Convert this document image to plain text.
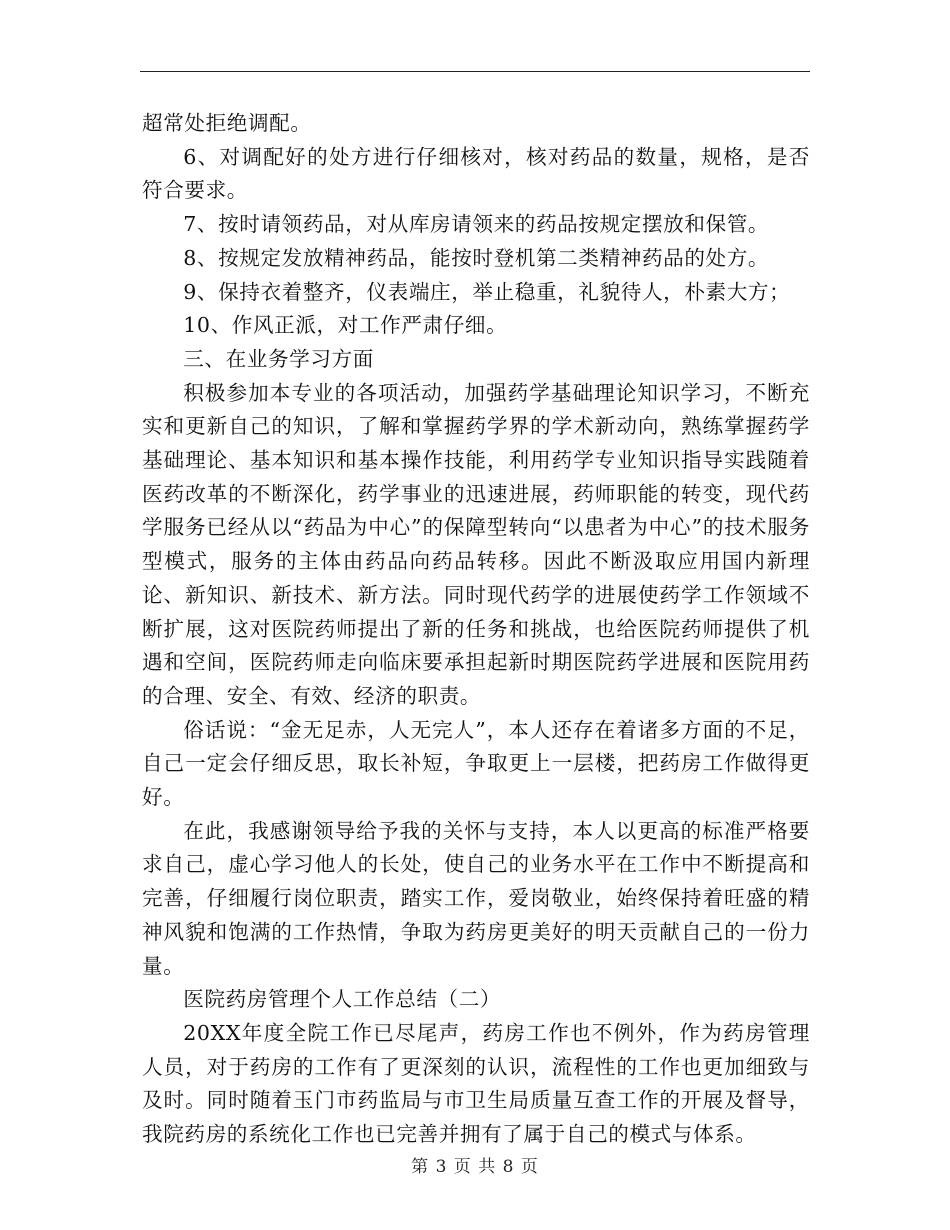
超常处拒绝调配。

6、对调配好的处方进行仔细核对，核对药品的数量，规格，是否符合要求。

7、按时请领药品，对从库房请领来的药品按规定摆放和保管。

8、按规定发放精神药品，能按时登机第二类精神药品的处方。

9、保持衣着整齐，仪表端庄，举止稳重，礼貌待人，朴素大方；

10、作风正派，对工作严肃仔细。

三、在业务学习方面

积极参加本专业的各项活动，加强药学基础理论知识学习，不断充实和更新自己的知识，了解和掌握药学界的学术新动向，熟练掌握药学基础理论、基本知识和基本操作技能，利用药学专业知识指导实践随着医药改革的不断深化，药学事业的迅速进展，药师职能的转变，现代药学服务已经从以“药品为中心”的保障型转向“以患者为中心”的技术服务型模式，服务的主体由药品向药品转移。因此不断汲取应用国内新理论、新知识、新技术、新方法。同时现代药学的进展使药学工作领域不断扩展，这对医院药师提出了新的任务和挑战，也给医院药师提供了机遇和空间，医院药师走向临床要承担起新时期医院药学进展和医院用药的合理、安全、有效、经济的职责。

俗话说：“金无足赤，人无完人”，本人还存在着诸多方面的不足，自己一定会仔细反思，取长补短，争取更上一层楼，把药房工作做得更好。

在此，我感谢领导给予我的关怀与支持，本人以更高的标准严格要求自己，虚心学习他人的长处，使自己的业务水平在工作中不断提高和完善，仔细履行岗位职责，踏实工作，爱岗敬业，始终保持着旺盛的精神风貌和饱满的工作热情，争取为药房更美好的明天贡献自己的一份力量。

医院药房管理个人工作总结（二）

20XX年度全院工作已尽尾声，药房工作也不例外，作为药房管理人员，对于药房的工作有了更深刻的认识，流程性的工作也更加细致与及时。同时随着玉门市药监局与市卫生局质量互查工作的开展及督导，我院药房的系统化工作也已完善并拥有了属于自己的模式与体系。

第 3 页 共 8 页
